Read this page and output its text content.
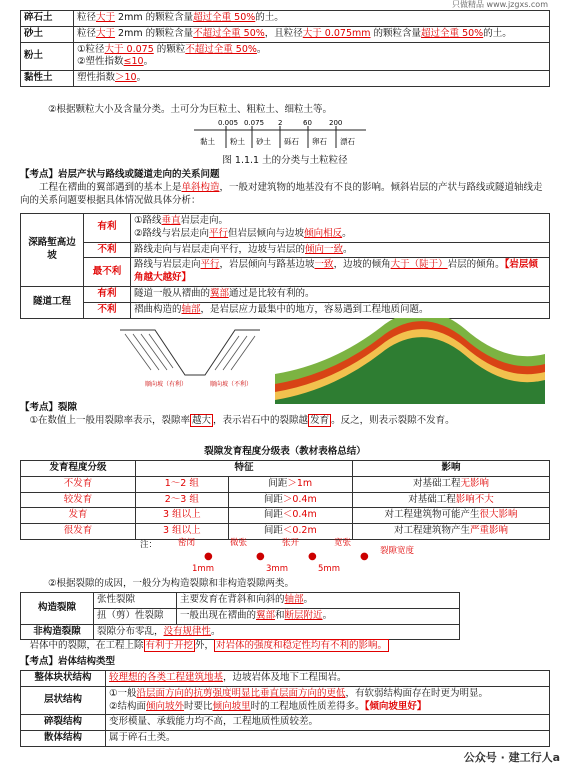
只做精品 www.jzgxs.com
碎石土	粒径大于 2mm 的颗粒含量超过全重 50%的土。
砂土	粒径大于 2mm 的颗粒含量不超过全重 50%，且粒径大于 0.075mm 的颗粒含量超过全重 50%的土。
粉土	①粒径大于 0.075 的颗粒不超过全重 50%。
②塑性指数≤10。
黏性土	塑性指数＞10。
②根据颗粒大小及含量分类。土可分为巨粒土、粗粒土、细粒土等。
0.005 0.075 2	60 200
黏土 粉土 砂土 砾石 卵石 漂石
图 1.1.1 土的分类与土粒粒径
【考点】岩层产状与路线或隧道走向的关系问题
工程在褶曲的翼部遇到的基本上是单斜构造，一般对建筑物的地基没有不良的影响。倾斜岩层的产状与路线或隧道轴线走向的关系问题要根据具体情况做具体分析：
深路堑高边坡	有利	①路线垂直岩层走向。
②路线与岩层走向平行但岩层倾向与边坡倾向相反。
	不利	路线走向与岩层走向平行，边坡与岩层的倾向一致。
	最不利	路线与岩层走向平行，岩层倾向与路基边坡一致，边坡的倾角大于（陡于）岩层的倾角。【岩层倾角越大越好】
隧道工程	有利	隧道一般从褶曲的翼部通过是比较有利的。
	不利	褶曲构造的轴部，是岩层应力最集中的地方，容易遇到工程地质问题。
顺向坡（有利）	顺向坡（不利）
【考点】裂隙
①在数值上一般用裂隙率表示，裂隙率 越大 ，表示岩石中的裂隙越 发育 。反之，则表示裂隙不发育。
裂隙发育程度分级表（教材表格总结）
发育程度分级	特征		影响
不发育	1～2 组	间距＞1m	对基础工程无影响
较发育	2～3 组	间距＞0.4m	对基础工程影响不大
发育	3 组以上	间距＜0.4m	对工程建筑物可能产生很大影响
很发育	3 组以上	间距＜0.2m	对工程建筑物产生严重影响
注： 密闭	微张	张开	宽张
裂隙宽度
●	●	●	●
1mm	3mm	5mm
②根据裂隙的成因，一般分为构造裂隙和非构造裂隙两类。
构造裂隙	张性裂隙	主要发育在背斜和向斜的轴部。
	扭（剪）性裂隙	一般出现在褶曲的翼部和断层附近。
非构造裂隙	裂隙分布零乱，没有规律性。	
岩体中的裂隙，在工程上除 有利于开挖 外， 对岩体的强度和稳定性均有不利的影响。
【考点】岩体结构类型
整体块状结构	较理想的各类工程建筑地基，边坡岩体及地下工程围岩。
层状结构	①一般沿层面方向的抗剪强度明显比垂直层面方向的更低，有软弱结构面存在时更为明显。
②结构面倾向坡外时要比倾向坡里时的工程地质性质差得多。【倾向坡里好】
碎裂结构	变形模量、承载能力均不高，工程地质性质较差。
散体结构	属于碎石土类。
公众号 · 建工行人a
